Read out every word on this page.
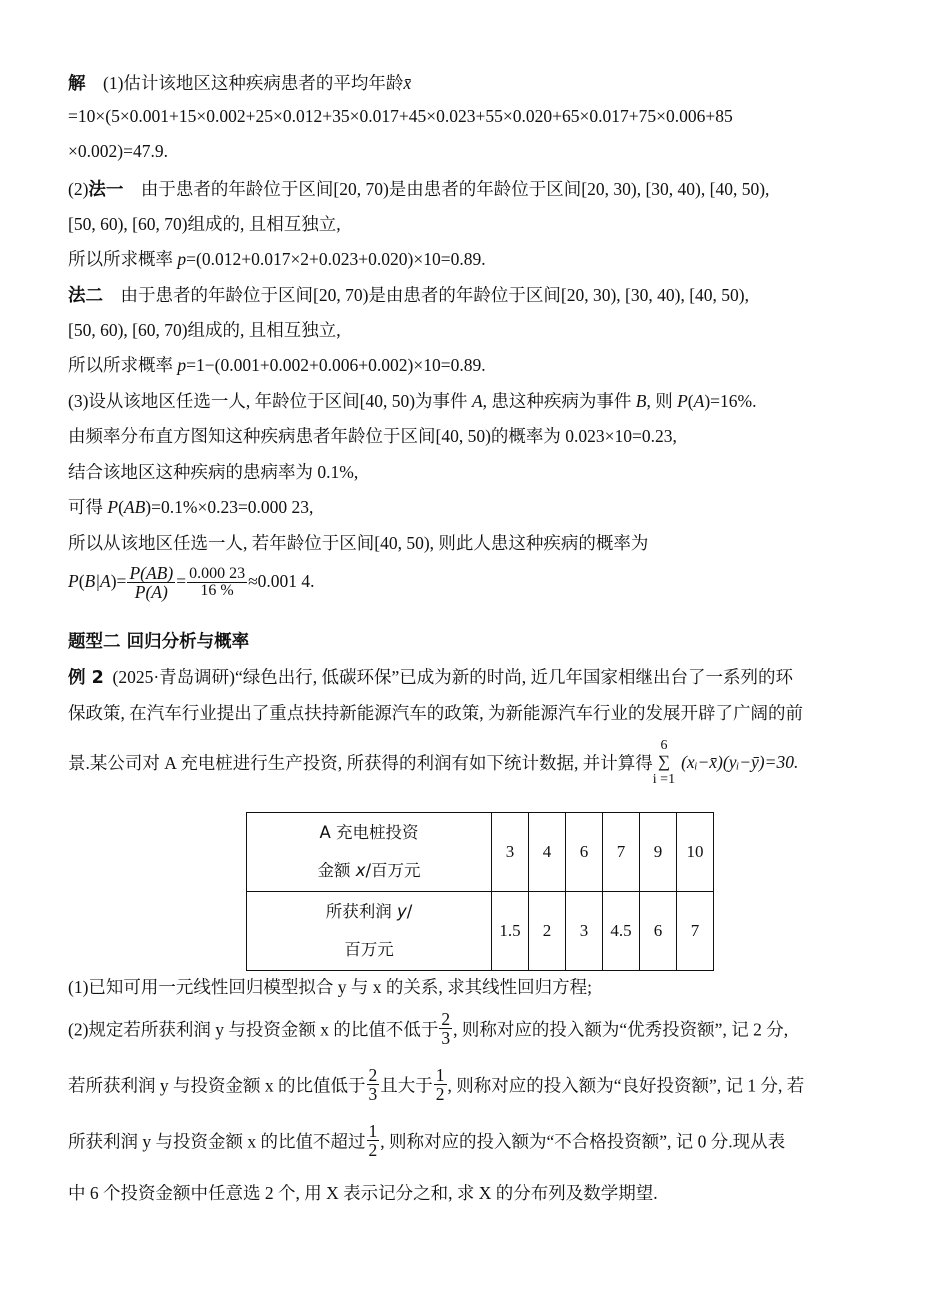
解 (1)估计该地区这种疾病患者的平均年龄x̄
=10×(5×0.001+15×0.002+25×0.012+35×0.017+45×0.023+55×0.020+65×0.017+75×0.006+85
×0.002)=47.9.
(2)法一 由于患者的年龄位于区间[20, 70)是由患者的年龄位于区间[20, 30), [30, 40), [40, 50),
[50, 60), [60, 70)组成的, 且相互独立,
所以所求概率 p=(0.012+0.017×2+0.023+0.020)×10=0.89.
法二 由于患者的年龄位于区间[20, 70)是由患者的年龄位于区间[20, 30), [30, 40), [40, 50),
[50, 60), [60, 70)组成的, 且相互独立,
所以所求概率 p=1−(0.001+0.002+0.006+0.002)×10=0.89.
(3)设从该地区任选一人, 年龄位于区间[40, 50)为事件 A, 患这种疾病为事件 B, 则 P(A)=16%.
由频率分布直方图知这种疾病患者年龄位于区间[40, 50)的概率为 0.023×10=0.23,
结合该地区这种疾病的患病率为 0.1%,
可得 P(AB)=0.1%×0.23=0.000 23,
所以从该地区任选一人, 若年龄位于区间[40, 50), 则此人患这种疾病的概率为
$P(B|A)= \frac{P(AB)}{P(A)} = \frac{0.000 23}{16 \%} \approx 0.001$ 4.
题型二 回归分析与概率
例 2 (2025·青岛调研)“绿色出行, 低碳环保”已成为新的时尚, 近几年国家相继出台了一系列的环
保政策, 在汽车行业提出了重点扶持新能源汽车的政策, 为新能源汽车行业的发展开辟了广阔的前
景.某公司对 A 充电桩进行生产投资, 所获得的利润有如下统计数据, 并计算得6
∑
i =1(xᵢ−x̄)(yᵢ−ȳ)=30.
A 充电桩投资
金额 x/百万元	3	4	6	7	9	10

所获利润 y/
百万元	1.5	2	3	4.5	6	7
(1)已知可用一元线性回归模型拟合 y 与 x 的关系, 求其线性回归方程;
(2)规定若所获利润 y 与投资金额 x 的比值不低于 $\frac{2}{3}$ , 则称对应的投入额为“优秀投资额”, 记 2 分,
若所获利润 y 与投资金额 x 的比值低于 $\frac{2}{3}$ 且大于 $\frac{1}{2}$ , 则称对应的投入额为“良好投资额”, 记 1 分, 若
所获利润 y 与投资金额 x 的比值不超过 $\frac{1}{2}$ , 则称对应的投入额为“不合格投资额”, 记 0 分.现从表
中 6 个投资金额中任意选 2 个, 用 X 表示记分之和, 求 X 的分布列及数学期望.
